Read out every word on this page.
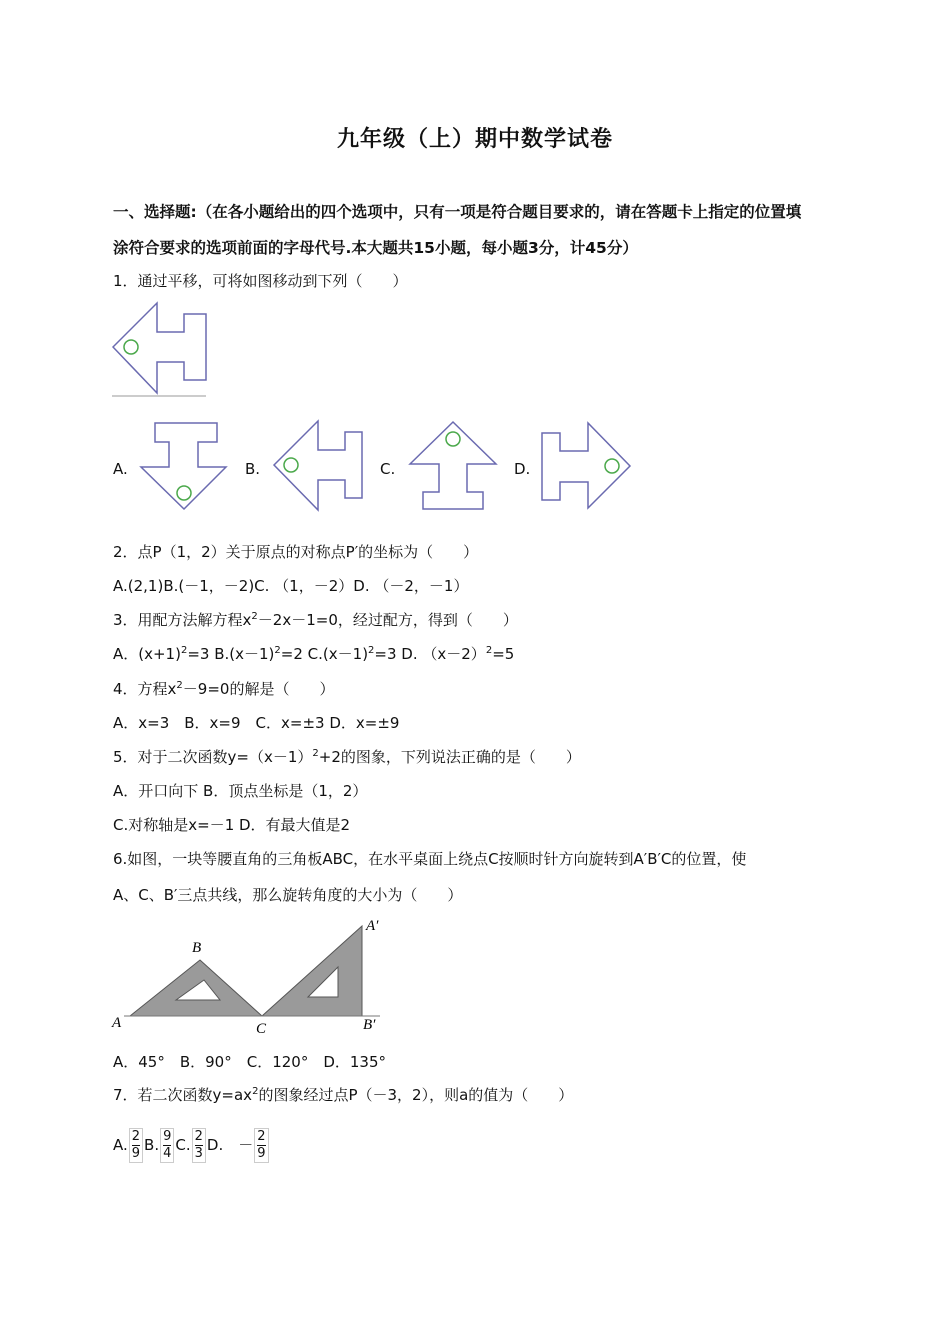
九年级（上）期中数学试卷
一、选择题:（在各小题给出的四个选项中，只有一项是符合题目要求的，请在答题卡上指定的位置填
涂符合要求的选项前面的字母代号.本大题共15小题，每小题3分，计45分）
1．通过平移，可将如图移动到下列（　　）
A.	B.	C.	D.
2．点P（1，2）关于原点的对称点P′的坐标为（　　）
A.(2,1)B.(－1，－2)C. （1，－2）D. （－2，－1）
3．用配方法解方程$x^2-2x-1=0$，经过配方，得到（　　）
A．$(x+1)^2=3$ $B.(x-1)^2=2$ $C.(x-1)^2=3$ D. $(x-2)^2=5$
4．方程$x^2-9=0$的解是（　　）
A．x=3　B．x=9　C．x=±3 D．x=±9
5．对于二次函数$y=(x-1)^2+2$的图象，下列说法正确的是（　　）
A．开口向下 B．顶点坐标是（1，2）
C.对称轴是x=－1 D．有最大值是2
6.如图，一块等腰直角的三角板ABC，在水平桌面上绕点C按顺时针方向旋转到A′B′C的位置，使
A、C、B′三点共线，那么旋转角度的大小为（　　）
A
B
C
A′
B′
A．45°　B．90°　C．120°　D．135°
7．若二次函数$y=ax^2$的图象经过点P（－3，2），则a的值为（　　）
A. $\frac{2}{9} B$. $\frac{9}{4} C$. $\frac{2}{3} D$.　－ $\frac{2}{9}$
